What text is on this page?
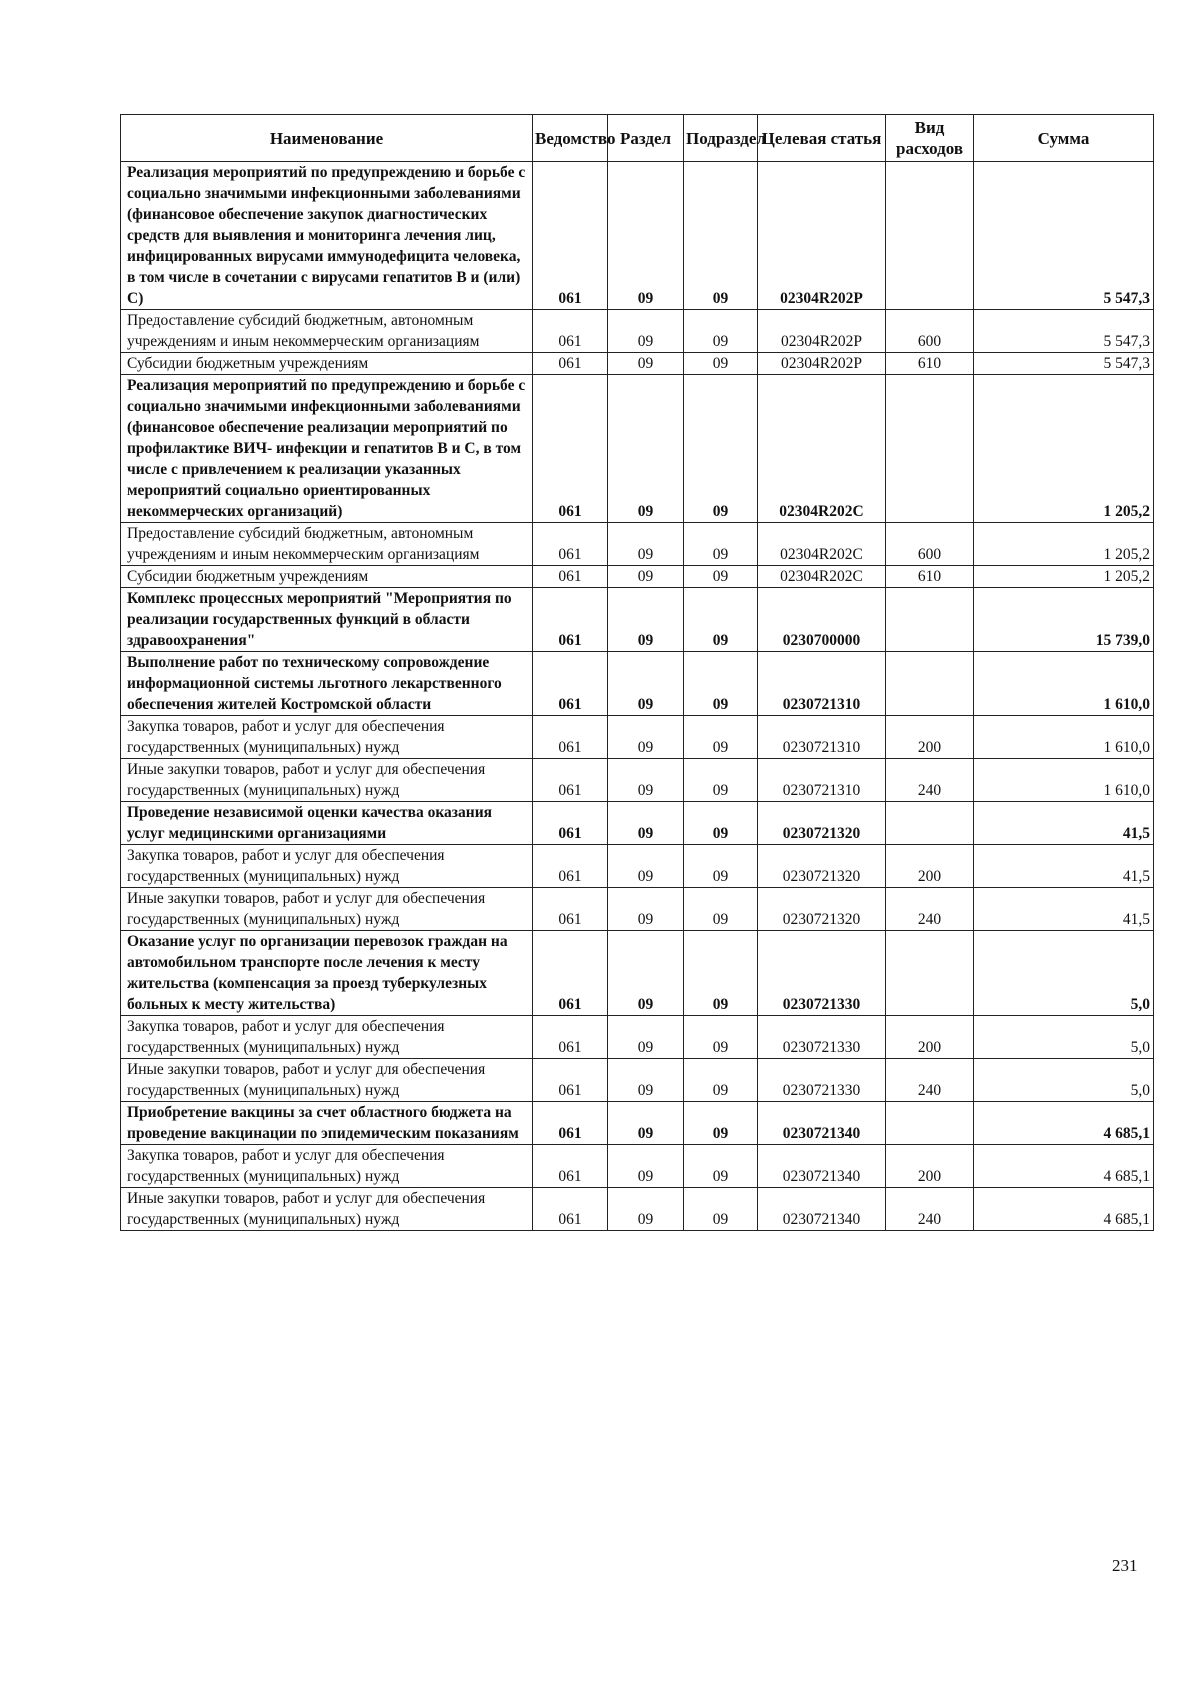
Наименование	Ведомство	Раздел	Подраздел	Целевая статья	Вид расходов	Сумма
Реализация мероприятий по предупреждению и борьбе с социально значимыми инфекционными заболеваниями (финансовое обеспечение закупок диагностических средств для выявления и мониторинга лечения лиц, инфицированных вирусами иммунодефицита человека, в том числе в сочетании с вирусами гепатитов B и (или) C)	061	09	09	02304R202P		5 547,3
Предоставление субсидий бюджетным, автономным учреждениям и иным некоммерческим организациям	061	09	09	02304R202P	600	5 547,3
Субсидии бюджетным учреждениям	061	09	09	02304R202P	610	5 547,3
Реализация мероприятий по предупреждению и борьбе с социально значимыми инфекционными заболеваниями (финансовое обеспечение реализации мероприятий по профилактике ВИЧ- инфекции и гепатитов B и C, в том числе с привлечением к реализации указанных мероприятий социально ориентированных некоммерческих организаций)	061	09	09	02304R202C		1 205,2
Предоставление субсидий бюджетным, автономным учреждениям и иным некоммерческим организациям	061	09	09	02304R202C	600	1 205,2
Субсидии бюджетным учреждениям	061	09	09	02304R202C	610	1 205,2
Комплекс процессных мероприятий "Мероприятия по реализации государственных функций в области здравоохранения"	061	09	09	0230700000		15 739,0
Выполнение работ по техническому сопровождение информационной системы льготного лекарственного обеспечения жителей Костромской области	061	09	09	0230721310		1 610,0
Закупка товаров, работ и услуг для обеспечения государственных (муниципальных) нужд	061	09	09	0230721310	200	1 610,0
Иные закупки товаров, работ и услуг для обеспечения государственных (муниципальных) нужд	061	09	09	0230721310	240	1 610,0
Проведение независимой оценки качества оказания услуг медицинскими организациями	061	09	09	0230721320		41,5
Закупка товаров, работ и услуг для обеспечения государственных (муниципальных) нужд	061	09	09	0230721320	200	41,5
Иные закупки товаров, работ и услуг для обеспечения государственных (муниципальных) нужд	061	09	09	0230721320	240	41,5
Оказание услуг по организации перевозок граждан на автомобильном транспорте после лечения к месту жительства (компенсация за проезд туберкулезных больных к месту жительства)	061	09	09	0230721330		5,0
Закупка товаров, работ и услуг для обеспечения государственных (муниципальных) нужд	061	09	09	0230721330	200	5,0
Иные закупки товаров, работ и услуг для обеспечения государственных (муниципальных) нужд	061	09	09	0230721330	240	5,0
Приобретение вакцины за счет областного бюджета на проведение вакцинации по эпидемическим показаниям	061	09	09	0230721340		4 685,1
Закупка товаров, работ и услуг для обеспечения государственных (муниципальных) нужд	061	09	09	0230721340	200	4 685,1
Иные закупки товаров, работ и услуг для обеспечения государственных (муниципальных) нужд	061	09	09	0230721340	240	4 685,1
231
